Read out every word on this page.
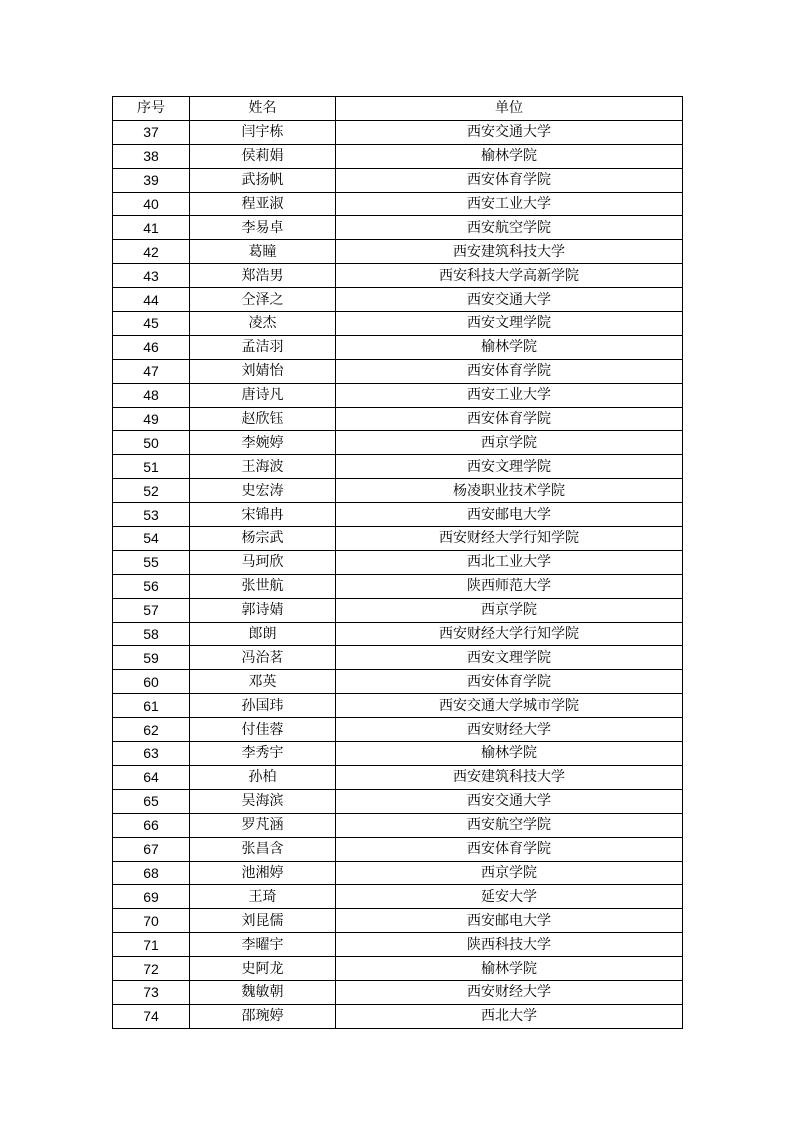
序号	姓名	单位
37	闫宇栋	西安交通大学
38	侯莉娟	榆林学院
39	武扬帆	西安体育学院
40	程亚淑	西安工业大学
41	李易卓	西安航空学院
42	葛瞳	西安建筑科技大学
43	郑浩男	西安科技大学高新学院
44	仝泽之	西安交通大学
45	凌杰	西安文理学院
46	孟洁羽	榆林学院
47	刘婧怡	西安体育学院
48	唐诗凡	西安工业大学
49	赵欣钰	西安体育学院
50	李婉婷	西京学院
51	王海波	西安文理学院
52	史宏涛	杨凌职业技术学院
53	宋锦冉	西安邮电大学
54	杨宗武	西安财经大学行知学院
55	马珂欣	西北工业大学
56	张世航	陕西师范大学
57	郭诗婧	西京学院
58	郎朗	西安财经大学行知学院
59	冯治茗	西安文理学院
60	邓英	西安体育学院
61	孙国玮	西安交通大学城市学院
62	付佳蓉	西安财经大学
63	李秀宇	榆林学院
64	孙柏	西安建筑科技大学
65	吴海滨	西安交通大学
66	罗芃涵	西安航空学院
67	张昌含	西安体育学院
68	池湘婷	西京学院
69	王琦	延安大学
70	刘昆儒	西安邮电大学
71	李曜宇	陕西科技大学
72	史阿龙	榆林学院
73	魏敏朝	西安财经大学
74	邵琬婷	西北大学
